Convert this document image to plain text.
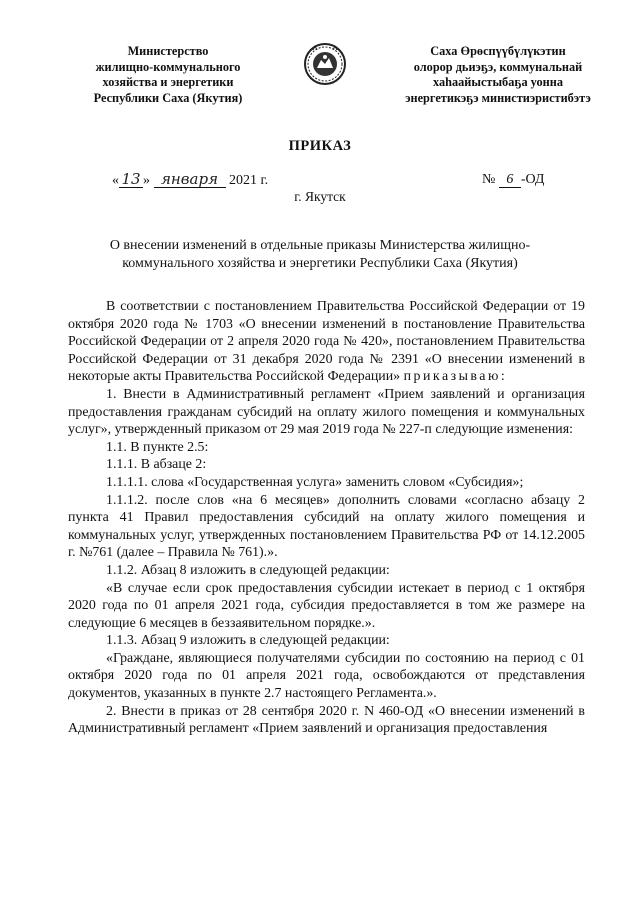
Министерство
жилищно-коммунального
хозяйства и энергетики
Республики Саха (Якутия)
Саха Өрөспүүбүлүкэтин
олорор дьиэҕэ, коммунальнай
хаһаайыстыбаҕа уонна
энергетикэҕэ министиэристибэтэ
ПРИКАЗ
« 13 » января 2021 г.	№ 6 -ОД
г. Якутск
О внесении изменений в отдельные приказы Министерства жилищно-
коммунального хозяйства и энергетики Республики Саха (Якутия)

В соответствии с постановлением Правительства Российской Федерации от 19 октября 2020 года № 1703 «О внесении изменений в постановление Правительства Российской Федерации от 2 апреля 2020 года № 420», постановлением Правительства Российской Федерации от 31 декабря 2020 года № 2391 «О внесении изменений в некоторые акты Правительства Российской Федерации» приказываю:

1. Внести в Административный регламент «Прием заявлений и организация предоставления гражданам субсидий на оплату жилого помещения и коммунальных услуг», утвержденный приказом от 29 мая 2019 года № 227-п следующие изменения:

1.1. В пункте 2.5:

1.1.1. В абзаце 2:

1.1.1.1. слова «Государственная услуга» заменить словом «Субсидия»;

1.1.1.2. после слов «на 6 месяцев» дополнить словами «согласно абзацу 2 пункта 41 Правил предоставления субсидий на оплату жилого помещения и коммунальных услуг, утвержденных постановлением Правительства РФ от 14.12.2005 г. №761 (далее – Правила № 761).».

1.1.2. Абзац 8 изложить в следующей редакции:

«В случае если срок предоставления субсидии истекает в период с 1 октября 2020 года по 01 апреля 2021 года, субсидия предоставляется в том же размере на следующие 6 месяцев в беззаявительном порядке.».

1.1.3. Абзац 9 изложить в следующей редакции:

«Граждане, являющиеся получателями субсидии по состоянию на период с 01 октября 2020 года по 01 апреля 2021 года, освобождаются от представления документов, указанных в пункте 2.7 настоящего Регламента.».

2. Внести в приказ от 28 сентября 2020 г. N 460-ОД «О внесении изменений в Административный регламент «Прием заявлений и организация предоставления
